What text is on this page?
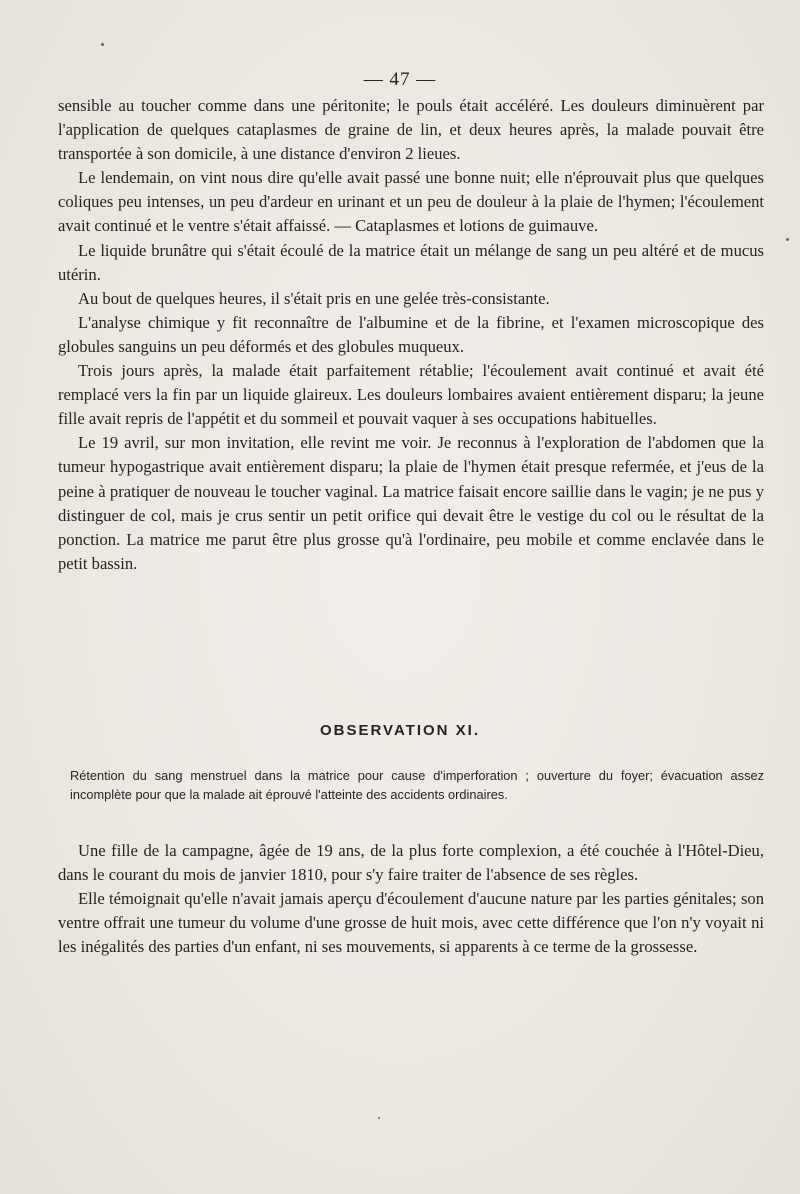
— 47 —

sensible au toucher comme dans une péritonite; le pouls était accéléré. Les douleurs diminuèrent par l'application de quelques cataplasmes de graine de lin, et deux heures après, la malade pouvait être transportée à son domicile, à une distance d'environ 2 lieues.

Le lendemain, on vint nous dire qu'elle avait passé une bonne nuit; elle n'éprouvait plus que quelques coliques peu intenses, un peu d'ardeur en urinant et un peu de douleur à la plaie de l'hymen; l'écoulement avait continué et le ventre s'était affaissé. — Cataplasmes et lotions de guimauve.

Le liquide brunâtre qui s'était écoulé de la matrice était un mélange de sang un peu altéré et de mucus utérin.

Au bout de quelques heures, il s'était pris en une gelée très-consistante.

L'analyse chimique y fit reconnaître de l'albumine et de la fibrine, et l'examen microscopique des globules sanguins un peu déformés et des globules muqueux.

Trois jours après, la malade était parfaitement rétablie; l'écoulement avait continué et avait été remplacé vers la fin par un liquide glaireux. Les douleurs lombaires avaient entièrement disparu; la jeune fille avait repris de l'appétit et du sommeil et pouvait vaquer à ses occupations habituelles.

Le 19 avril, sur mon invitation, elle revint me voir. Je reconnus à l'exploration de l'abdomen que la tumeur hypogastrique avait entièrement disparu; la plaie de l'hymen était presque refermée, et j'eus de la peine à pratiquer de nouveau le toucher vaginal. La matrice faisait encore saillie dans le vagin; je ne pus y distinguer de col, mais je crus sentir un petit orifice qui devait être le vestige du col ou le résultat de la ponction. La matrice me parut être plus grosse qu'à l'ordinaire, peu mobile et comme enclavée dans le petit bassin.

OBSERVATION XI.

Rétention du sang menstruel dans la matrice pour cause d'imperforation ; ouverture du foyer; évacuation assez incomplète pour que la malade ait éprouvé l'atteinte des accidents ordinaires.

Une fille de la campagne, âgée de 19 ans, de la plus forte complexion, a été couchée à l'Hôtel-Dieu, dans le courant du mois de janvier 1810, pour s'y faire traiter de l'absence de ses règles.

Elle témoignait qu'elle n'avait jamais aperçu d'écoulement d'aucune nature par les parties génitales; son ventre offrait une tumeur du volume d'une grosse de huit mois, avec cette différence que l'on n'y voyait ni les inégalités des parties d'un enfant, ni ses mouvements, si apparents à ce terme de la grossesse.
